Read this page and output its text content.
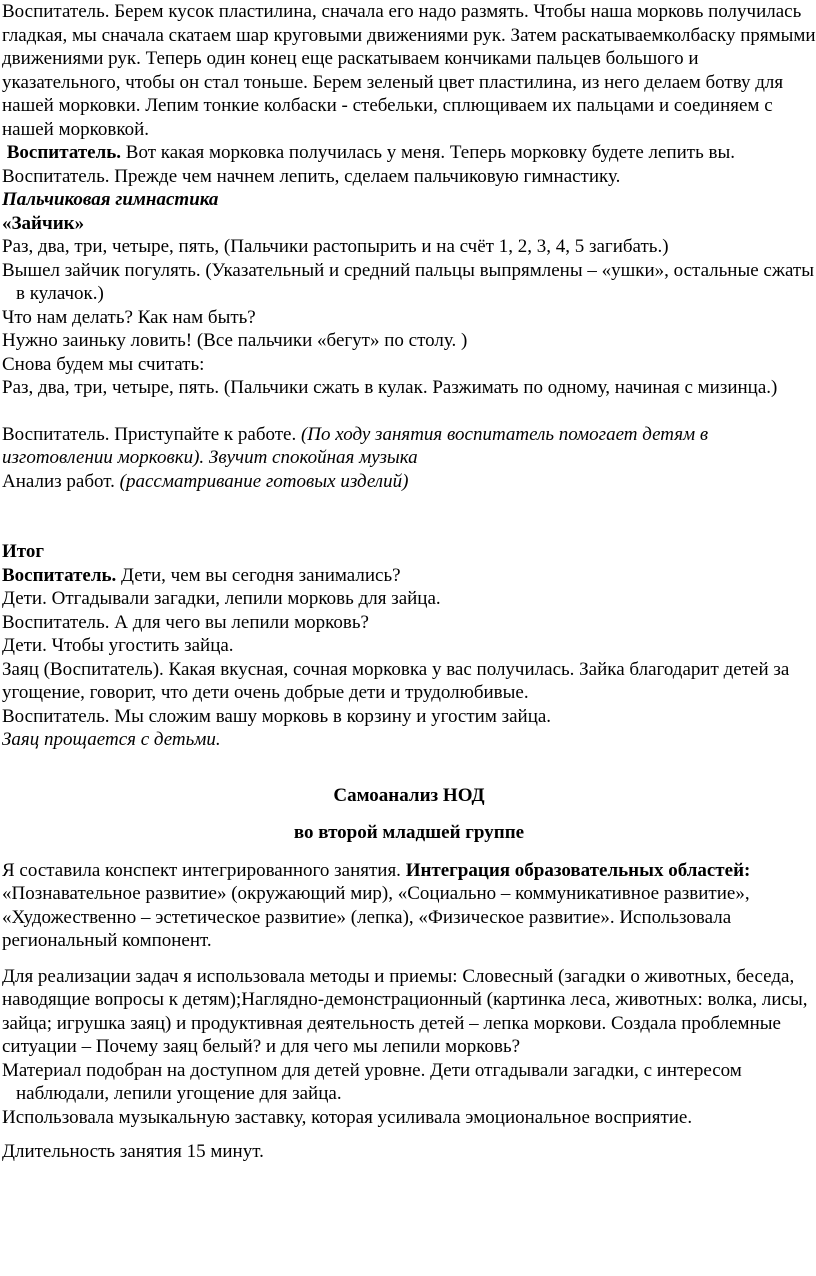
Воспитатель. Берем кусок пластилина, сначала его надо размять. Чтобы наша морковь получилась гладкая, мы сначала скатаем шар круговыми движениями рук. Затем раскатываемколбаску прямыми движениями рук. Теперь один конец еще раскатываем кончиками пальцев большого и указательного, чтобы он стал тоньше. Берем зеленый цвет пластилина, из него делаем ботву для нашей морковки. Лепим тонкие колбаски - стебельки, сплющиваем их пальцами и соединяем с нашей морковкой.

Воспитатель. Вот какая морковка получилась у меня. Теперь морковку будете лепить вы.

Воспитатель. Прежде чем начнем лепить, сделаем пальчиковую гимнастику.

Пальчиковая гимнастика

«Зайчик»

Раз, два, три, четыре, пять, (Пальчики растопырить и на счёт 1, 2, 3, 4, 5 загибать.)

Вышел зайчик погулять. (Указательный и средний пальцы выпрямлены – «ушки», остальные сжаты в кулачок.)

Что нам делать? Как нам быть?

Нужно заиньку ловить! (Все пальчики «бегут» по столу. )

Снова будем мы считать:

Раз, два, три, четыре, пять. (Пальчики сжать в кулак. Разжимать по одному, начиная с мизинца.)

Воспитатель. Приступайте к работе. (По ходу занятия воспитатель помогает детям в изготовлении морковки). Звучит спокойная музыка

Анализ работ. (рассматривание готовых изделий)

Итог

Воспитатель. Дети, чем вы сегодня занимались?

Дети. Отгадывали загадки, лепили морковь для зайца.

Воспитатель. А для чего вы лепили морковь?

Дети. Чтобы угостить зайца.

Заяц (Воспитатель). Какая вкусная, сочная морковка у вас получилась. Зайка благодарит детей за угощение, говорит, что дети очень добрые дети и трудолюбивые.

Воспитатель. Мы сложим вашу морковь в корзину и угостим зайца.

Заяц прощается с детьми.

Самоанализ НОД

во второй младшей группе

Я составила конспект интегрированного занятия. Интеграция образовательных областей: «Познавательное развитие» (окружающий мир), «Социально – коммуникативное развитие», «Художественно – эстетическое развитие» (лепка), «Физическое развитие». Использовала региональный компонент.

Для реализации задач я использовала методы и приемы: Словесный (загадки о животных, беседа, наводящие вопросы к детям);Наглядно-демонстрационный (картинка леса, животных: волка, лисы, зайца; игрушка заяц) и продуктивная деятельность детей – лепка моркови. Создала проблемные ситуации – Почему заяц белый? и для чего мы лепили морковь?

Материал подобран на доступном для детей уровне. Дети отгадывали загадки, с интересом наблюдали, лепили угощение для зайца.

Использовала музыкальную заставку, которая усиливала эмоциональное восприятие.

Длительность занятия 15 минут.
